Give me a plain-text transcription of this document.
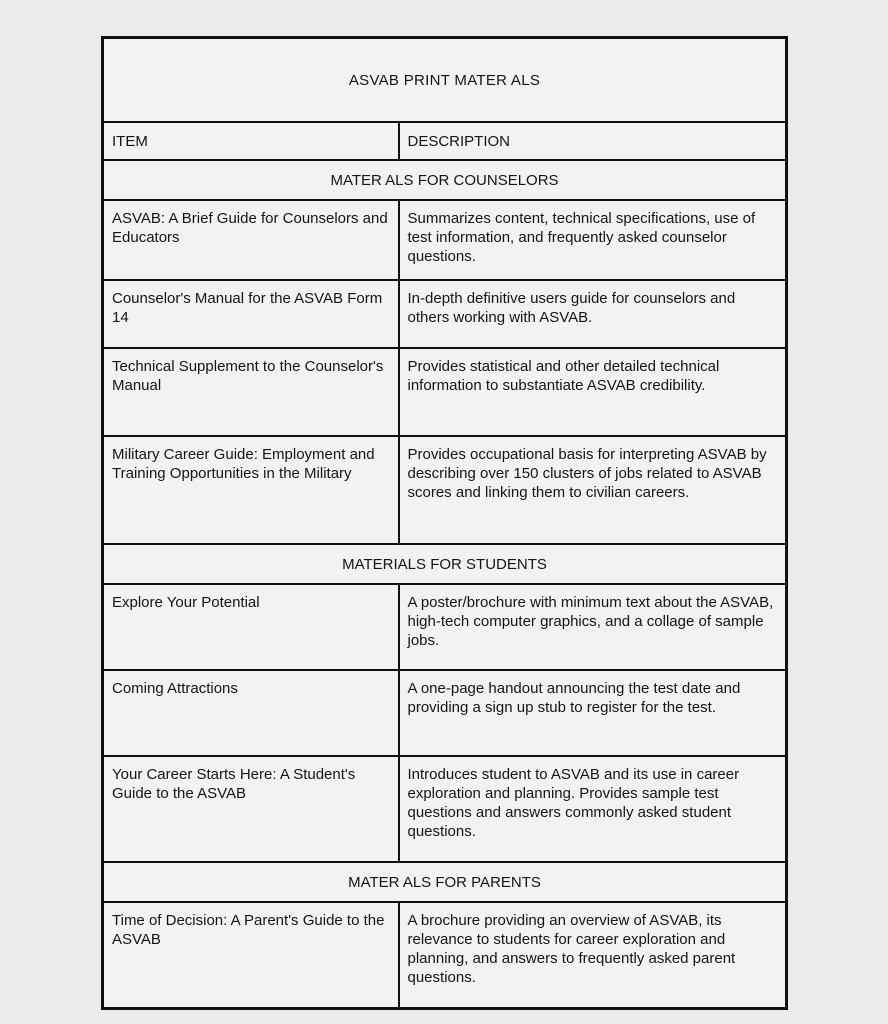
ASVAB PRINT MATER ALS	
ITEM	DESCRIPTION
MATER ALS FOR COUNSELORS	
ASVAB: A Brief Guide for Counselors and Educators	Summarizes content, technical specifications, use of test information, and frequently asked counselor questions.
Counselor's Manual for the ASVAB Form 14	In-depth definitive users guide for counselors and others working with ASVAB.
Technical Supplement to the Counselor's Manual	Provides statistical and other detailed technical information to substantiate ASVAB credibility.
Military Career Guide: Employment and Training Opportunities in the Military	Provides occupational basis for interpreting ASVAB by describing over 150 clusters of jobs related to ASVAB scores and linking them to civilian careers.
MATERIALS FOR STUDENTS	
Explore Your Potential	A poster/brochure with minimum text about the ASVAB, high-tech computer graphics, and a collage of sample jobs.
Coming Attractions	A one-page handout announcing the test date and providing a sign up stub to register for the test.
Your Career Starts Here: A Student's Guide to the ASVAB	Introduces student to ASVAB and its use in career exploration and planning. Provides sample test questions and answers commonly asked student questions.
MATER ALS FOR PARENTS	
Time of Decision: A Parent's Guide to the ASVAB	A brochure providing an overview of ASVAB, its relevance to students for career exploration and planning, and answers to frequently asked parent questions.
